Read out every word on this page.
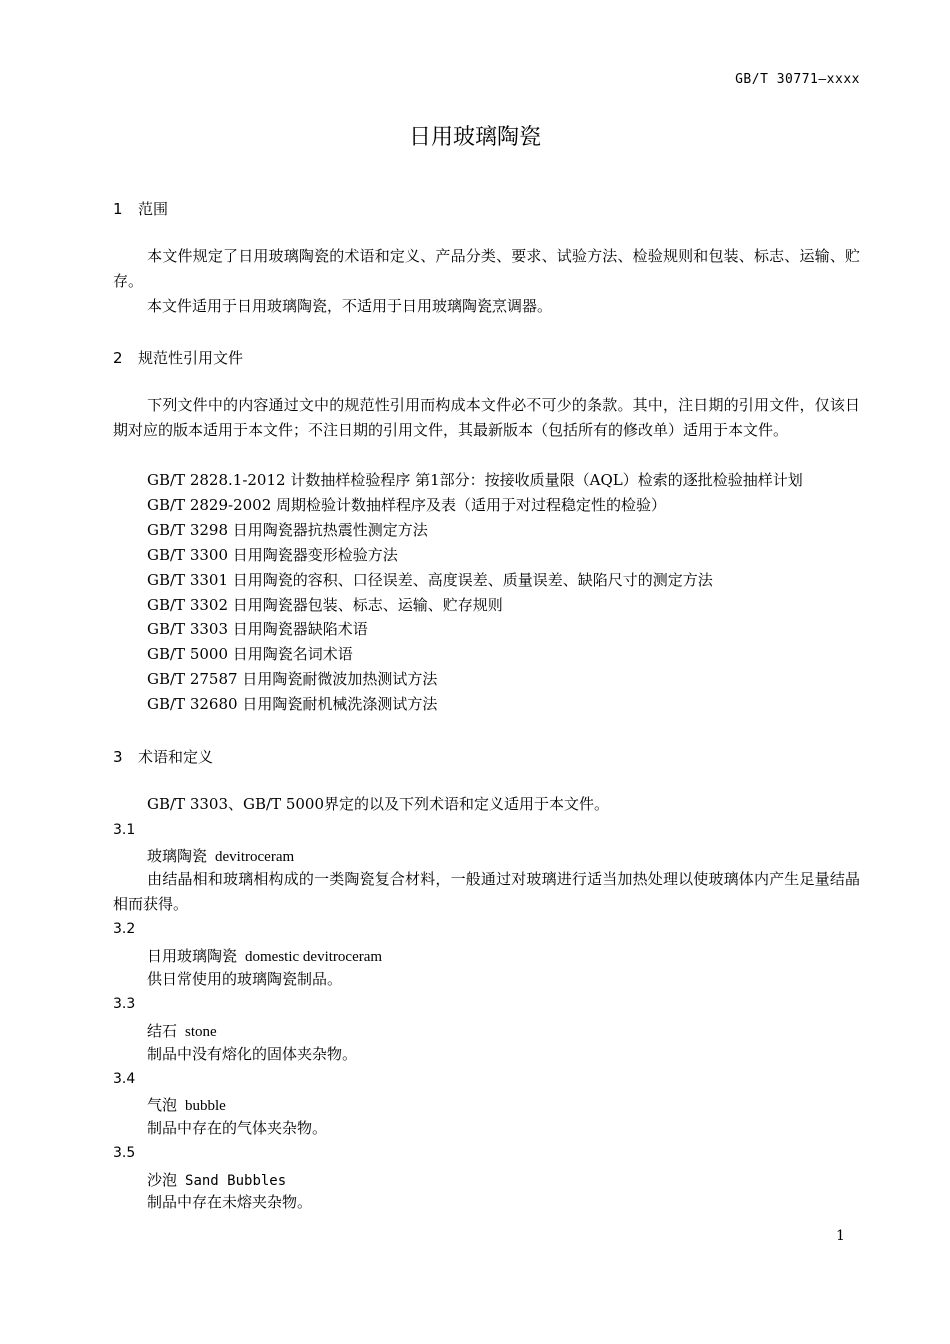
GB/T 30771—xxxx
日用玻璃陶瓷
1 范围
本文件规定了日用玻璃陶瓷的术语和定义、产品分类、要求、试验方法、检验规则和包装、标志、运输、贮存。
本文件适用于日用玻璃陶瓷，不适用于日用玻璃陶瓷烹调器。
2 规范性引用文件
下列文件中的内容通过文中的规范性引用而构成本文件必不可少的条款。其中，注日期的引用文件，仅该日期对应的版本适用于本文件；不注日期的引用文件，其最新版本（包括所有的修改单）适用于本文件。
GB/T 2828.1-2012 计数抽样检验程序 第1部分：按接收质量限（AQL）检索的逐批检验抽样计划
GB/T 2829-2002 周期检验计数抽样程序及表（适用于对过程稳定性的检验）
GB/T 3298 日用陶瓷器抗热震性测定方法
GB/T 3300 日用陶瓷器变形检验方法
GB/T 3301 日用陶瓷的容积、口径误差、高度误差、质量误差、缺陷尺寸的测定方法
GB/T 3302 日用陶瓷器包装、标志、运输、贮存规则
GB/T 3303 日用陶瓷器缺陷术语
GB/T 5000 日用陶瓷名词术语
GB/T 27587 日用陶瓷耐微波加热测试方法
GB/T 32680 日用陶瓷耐机械洗涤测试方法
3 术语和定义
GB/T 3303、GB/T 5000界定的以及下列术语和定义适用于本文件。
3.1
玻璃陶瓷 devitroceram
由结晶相和玻璃相构成的一类陶瓷复合材料，一般通过对玻璃进行适当加热处理以使玻璃体内产生足量结晶相而获得。
3.2
日用玻璃陶瓷 domestic devitroceram
供日常使用的玻璃陶瓷制品。
3.3
结石 stone
制品中没有熔化的固体夹杂物。
3.4
气泡 bubble
制品中存在的气体夹杂物。
3.5
沙泡 Sand Bubbles
制品中存在未熔夹杂物。
1
